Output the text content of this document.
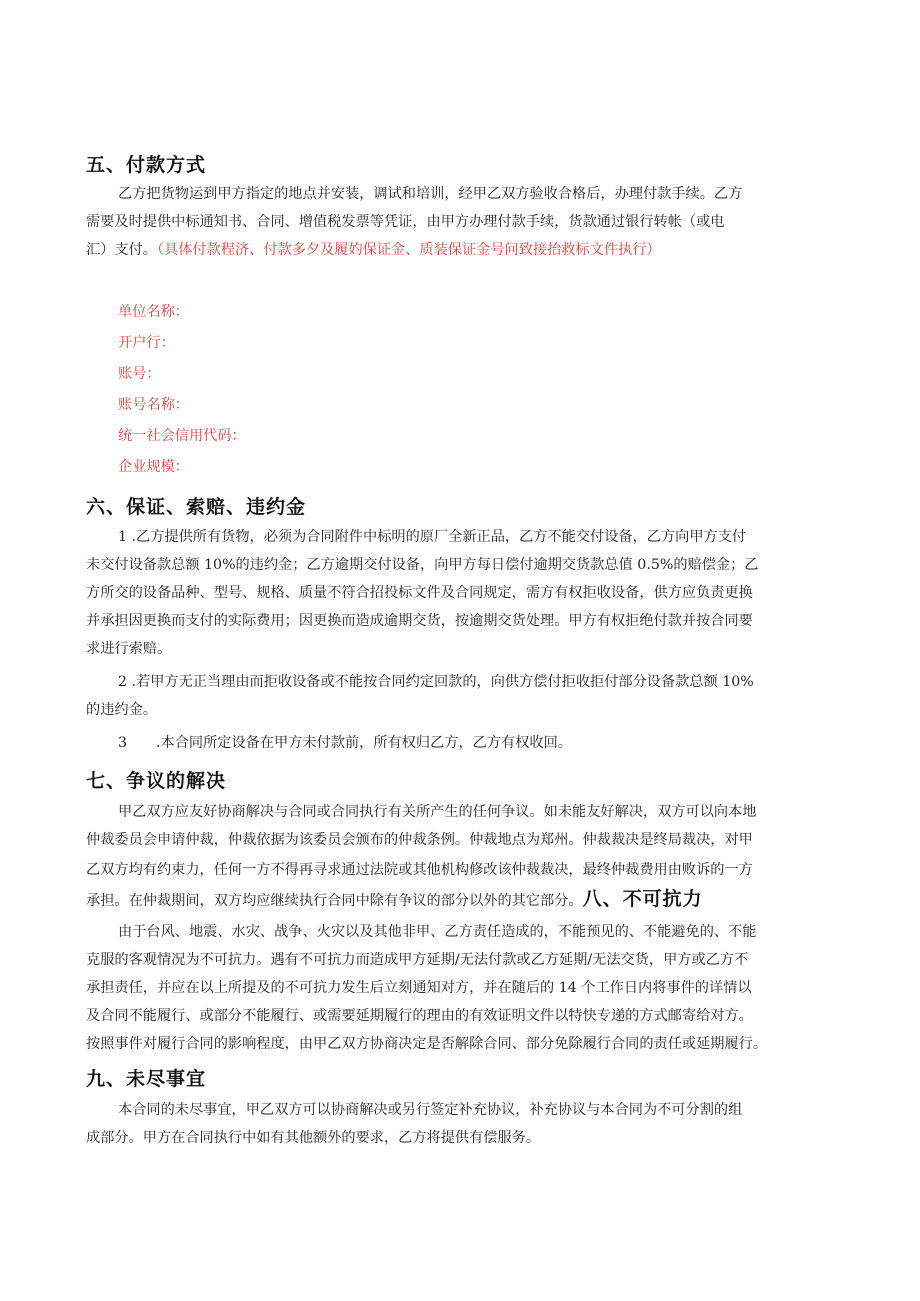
五、付款方式
乙方把货物运到甲方指定的地点并安装，调试和培训，经甲乙双方验收合格后，办理付款手续。乙方
需要及时提供中标通知书、合同、增值税发票等凭证，由甲方办理付款手续，货款通过银行转帐（或电
汇）支付。（具体付款程济、付款多夕及履妁保证金、质装保证金号问致接抬救标文件执行）
单位名称：
开户行：
账号：
账号名称：
统一社会信用代码：
企业规模：
六、保证、索赔、违约金
1 .乙方提供所有货物，必须为合同附件中标明的原厂全新正品，乙方不能交付设备，乙方向甲方支付
未交付设备款总额 10%的违约金；乙方逾期交付设备，向甲方每日偿付逾期交货款总值 0.5%的赔偿金；乙
方所交的设备品种、型号、规格、质量不符合招投标文件及合同规定，需方有权拒收设备，供方应负责更换
并承担因更换而支付的实际费用；因更换而造成逾期交货，按逾期交货处理。甲方有权拒绝付款并按合同要
求进行索赔。
2 .若甲方无正当理由而拒收设备或不能按合同约定回款的，向供方偿付拒收拒付部分设备款总额 10%
的违约金。
3 .本合同所定设备在甲方未付款前，所有权归乙方，乙方有权收回。
七、争议的解决
甲乙双方应友好协商解决与合同或合同执行有关所产生的任何争议。如未能友好解决，双方可以向本地
仲裁委员会申请仲裁，仲裁依据为该委员会颁布的仲裁条例。仲裁地点为郑州。仲裁裁决是终局裁决，对甲
乙双方均有约束力，任何一方不得再寻求通过法院或其他机构修改该仲裁裁决，最终仲裁费用由败诉的一方
承担。在仲裁期间，双方均应继续执行合同中除有争议的部分以外的其它部分。八、不可抗力
由于台风、地震、水灾、战争、火灾以及其他非甲、乙方责任造成的，不能预见的、不能避免的、不能
克服的客观情况为不可抗力。遇有不可抗力而造成甲方延期/无法付款或乙方延期/无法交货，甲方或乙方不
承担责任，并应在以上所提及的不可抗力发生后立刻通知对方，并在随后的 14 个工作日内将事件的详情以
及合同不能履行、或部分不能履行、或需要延期履行的理由的有效证明文件以特快专递的方式邮寄给对方。
按照事件对履行合同的影响程度，由甲乙双方协商决定是否解除合同、部分免除履行合同的责任或延期履行。
九、未尽事宜
本合同的未尽事宜，甲乙双方可以协商解决或另行签定补充协议，补充协议与本合同为不可分割的组
成部分。甲方在合同执行中如有其他额外的要求，乙方将提供有偿服务。
